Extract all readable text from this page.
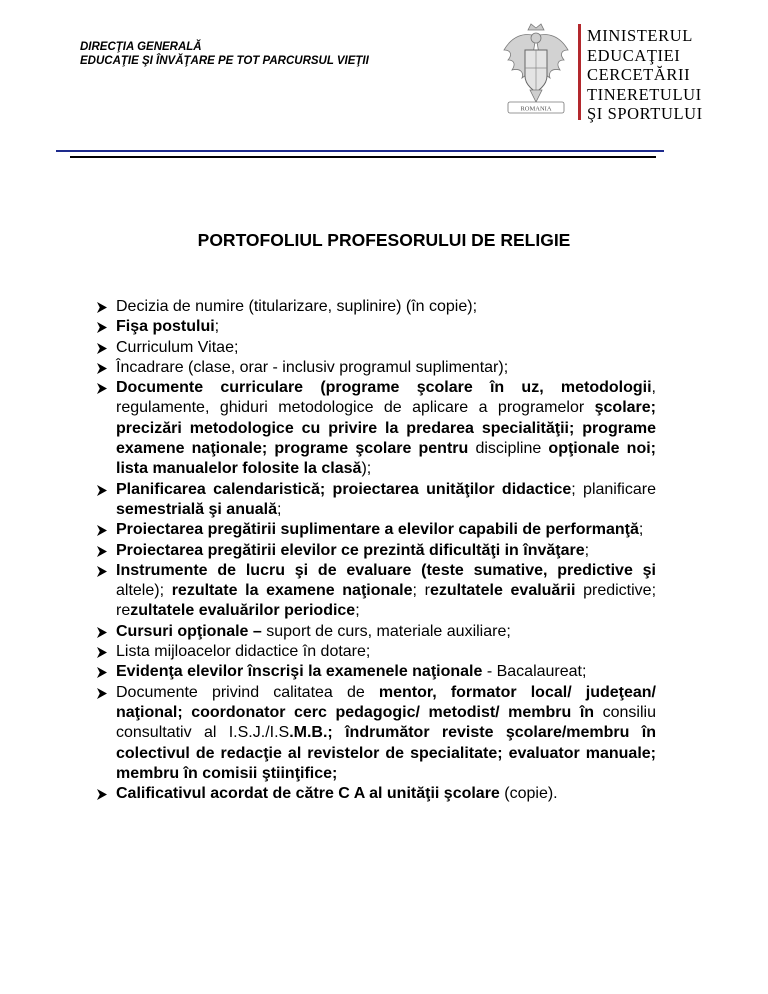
DIRECŢIA GENERALĂ
EDUCAŢIE ŞI ÎNVĂŢARE PE TOT PARCURSUL VIEŢII
ROMANIA
MINISTERUL
EDUCAŢIEI
CERCETĂRII
TINERETULUI
ŞI SPORTULUI
PORTOFOLIUL PROFESORULUI DE RELIGIE
Decizia de numire (titularizare, suplinire) (în copie);
Fişa postului;
Curriculum Vitae;
Încadrare (clase, orar - inclusiv programul suplimentar);
Documente curriculare (programe şcolare în uz, metodologii, regulamente, ghiduri metodologice de aplicare a programelor şcolare; precizări metodologice cu privire la predarea specialităţii; programe examene naţionale; programe şcolare pentru discipline opţionale noi; lista manualelor folosite la clasă);
Planificarea calendaristică; proiectarea unităţilor didactice; planificare semestrială şi anuală;
Proiectarea pregătirii suplimentare a elevilor capabili de performanţă;
Proiectarea pregătirii elevilor ce prezintă dificultăţi in învăţare;
Instrumente de lucru şi de evaluare (teste sumative, predictive şi altele); rezultate la examene naţionale; rezultatele evaluării predictive; rezultatele evaluărilor periodice;
Cursuri opţionale – suport de curs, materiale auxiliare;
Lista mijloacelor didactice în dotare;
Evidenţa elevilor înscrişi la examenele naţionale - Bacalaureat;
Documente privind calitatea de mentor, formator local/ judeţean/ naţional; coordonator cerc pedagogic/ metodist/ membru în consiliu consultativ al I.S.J./I.S.M.B.; îndrumător reviste şcolare/membru în colectivul de redacţie al revistelor de specialitate; evaluator manuale; membru în comisii ştiinţifice;
Calificativul acordat de către C A al unităţii şcolare (copie).
